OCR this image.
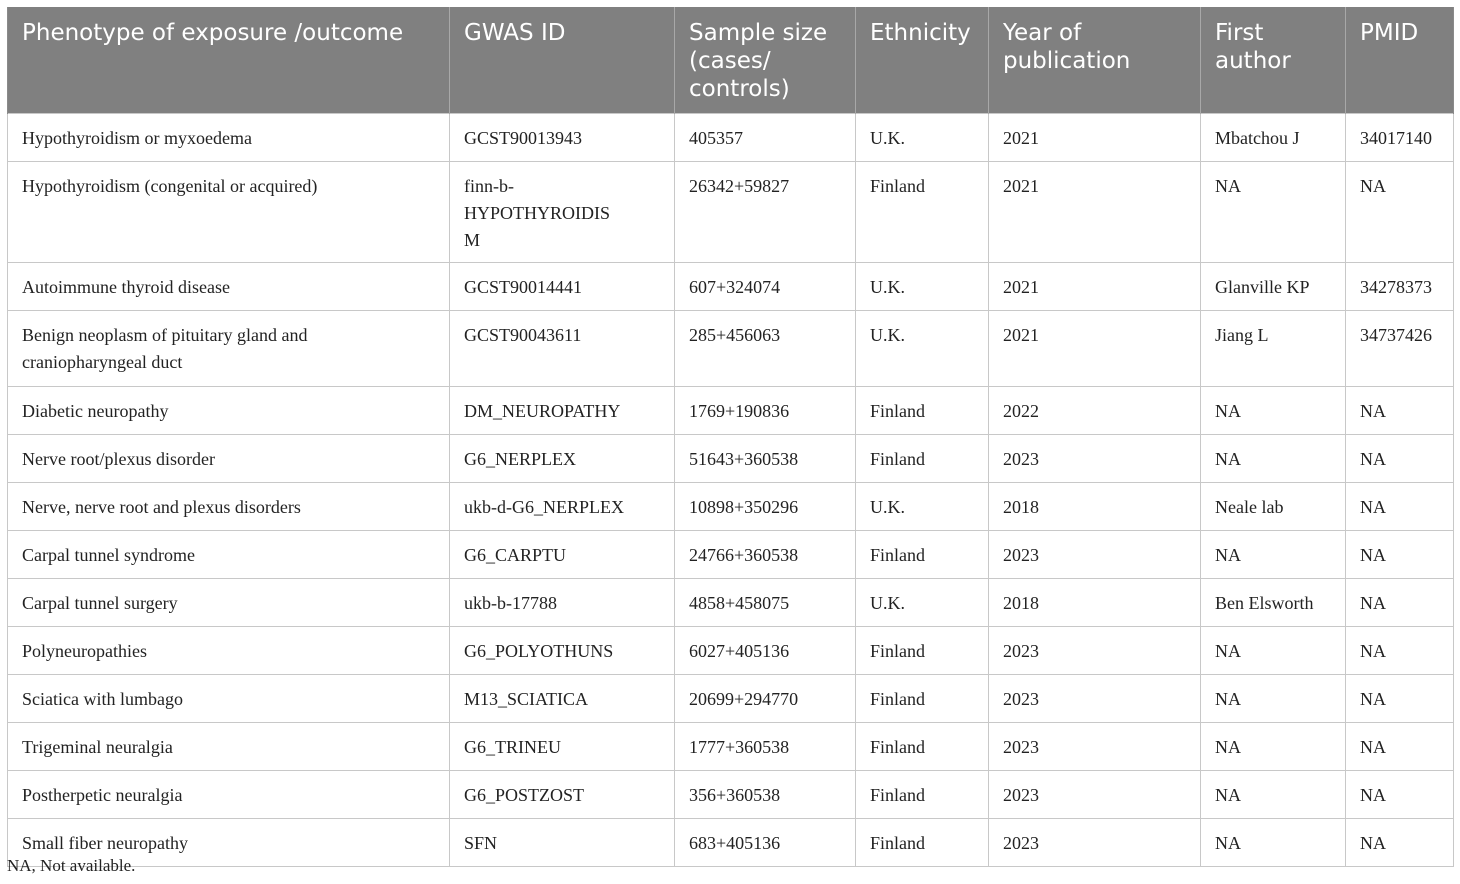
Phenotype of exposure /outcome	GWAS ID	Sample size (cases/ controls)	Ethnicity	Year of publication	First author	PMID
Hypothyroidism or myxoedema	GCST90013943	405357	U.K.	2021	Mbatchou J	34017140
Hypothyroidism (congenital or acquired)	finn-b-HYPOTHYROIDISM	26342+59827	Finland	2021	NA	NA
Autoimmune thyroid disease	GCST90014441	607+324074	U.K.	2021	Glanville KP	34278373
Benign neoplasm of pituitary gland and craniopharyngeal duct	GCST90043611	285+456063	U.K.	2021	Jiang L	34737426
Diabetic neuropathy	DM_NEUROPATHY	1769+190836	Finland	2022	NA	NA
Nerve root/plexus disorder	G6_NERPLEX	51643+360538	Finland	2023	NA	NA
Nerve, nerve root and plexus disorders	ukb-d-G6_NERPLEX	10898+350296	U.K.	2018	Neale lab	NA
Carpal tunnel syndrome	G6_CARPTU	24766+360538	Finland	2023	NA	NA
Carpal tunnel surgery	ukb-b-17788	4858+458075	U.K.	2018	Ben Elsworth	NA
Polyneuropathies	G6_POLYOTHUNS	6027+405136	Finland	2023	NA	NA
Sciatica with lumbago	M13_SCIATICA	20699+294770	Finland	2023	NA	NA
Trigeminal neuralgia	G6_TRINEU	1777+360538	Finland	2023	NA	NA
Postherpetic neuralgia	G6_POSTZOST	356+360538	Finland	2023	NA	NA
Small fiber neuropathy	SFN	683+405136	Finland	2023	NA	NA
NA, Not available.
